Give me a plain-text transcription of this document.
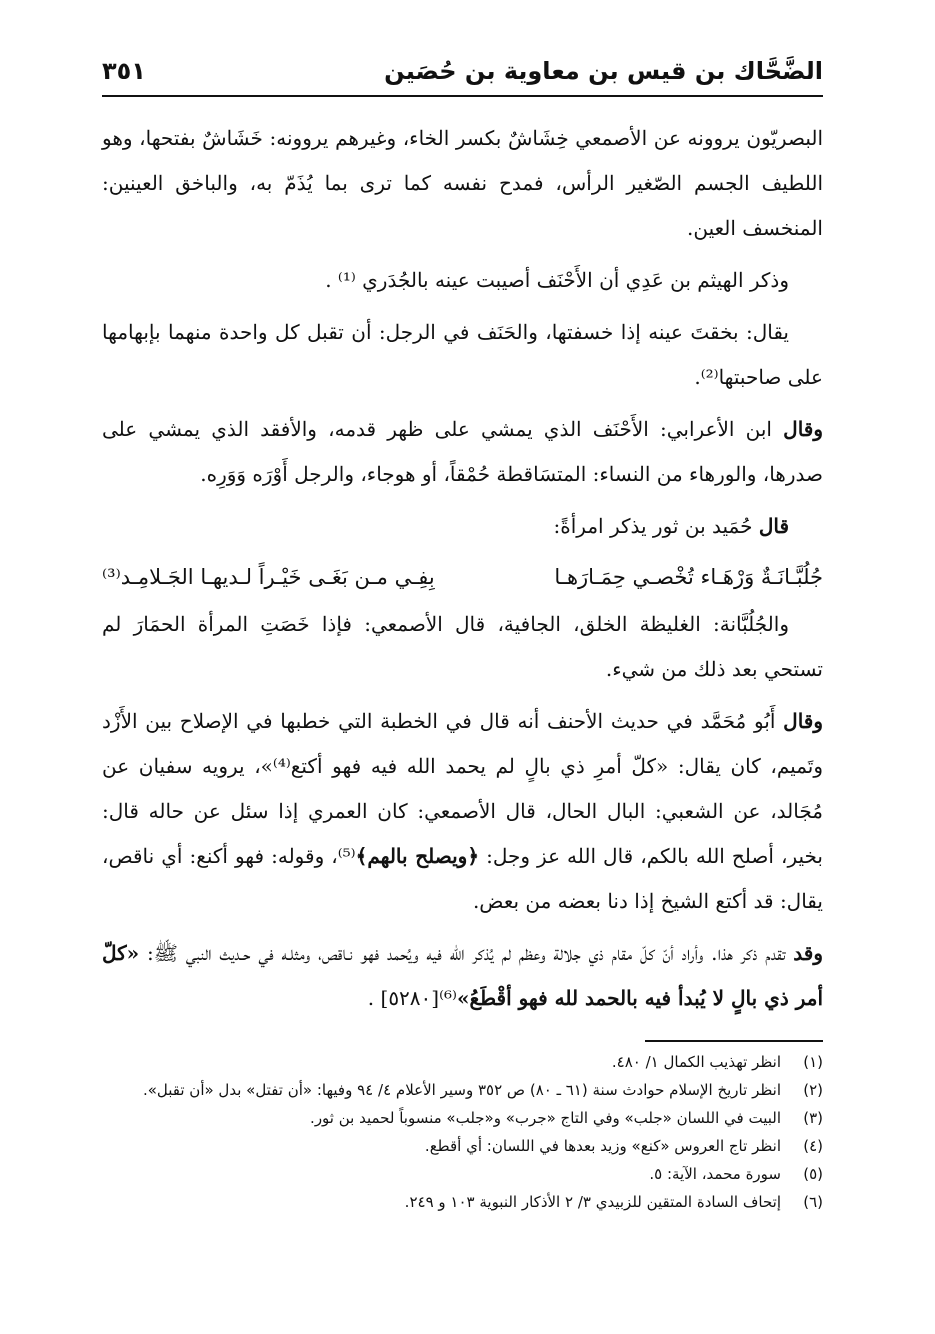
الضَّحَّاك بن قيس بن معاوية بن حُصَين
٣٥١

البصريّون يروونه عن الأصمعي خِشَاشٌ بكسر الخاء، وغيرهم يروونه: خَشَاشٌ بفتحها، وهو اللطيف الجسم الصّغير الرأس، فمدح نفسه كما ترى بما يُذَمّ به، والباخق العينين: المنخسف العين.

وذكر الهيثم بن عَدِي أن الأَحْنَف أصيبت عينه بالجُدَري ⁽¹⁾ .

يقال: بخقتَ عينه إذا خسفتها، والحَنَف في الرجل: أن تقبل كل واحدة منهما بإبهامها على صاحبتها⁽²⁾.

وقال ابن الأعرابي: الأَحْنَف الذي يمشي على ظهر قدمه، والأفقد الذي يمشي على صدرها، والورهاء من النساء: المتسَاقطة حُمْقاً، أو هوجاء، والرجل أَوْرَه وَوَرِه.

قال حُمَيد بن ثور يذكر امرأةً:

جُلُبَّـانَـةٌ وَرْهَـاء تُخْصـي حِمَـارَهـا
بِفِـي مـن بَغَـى خَيْـراً لـديهـا الجَـلامِـد⁽³⁾

والجُلُبَّانة: الغليظة الخلق، الجافية، قال الأصمعي: فإذا خَصَتِ المرأة الحمَارَ لم تستحي بعد ذلك من شيء.

وقال أَبُو مُحَمَّد في حديث الأحنف أنه قال في الخطبة التي خطبها في الإصلاح بين الأَزْد وتَميم، كان يقال: «كلّ أمرِ ذي بالٍ لم يحمد الله فيه فهو أكتع⁽⁴⁾»، يرويه سفيان عن مُجَالد، عن الشعبي: البال الحال، قال الأصمعي: كان العمري إذا سئل عن حاله قال: بخير، أصلح الله بالكم، قال الله عز وجل: ﴿ويصلح بالهم﴾⁽⁵⁾، وقوله: فهو أكنع: أي ناقص، يقال: قد أكتع الشيخ إذا دنا بعضه من بعض.

وقد تقدم ذكر هذا. وأراد أنّ كلّ مقام ذي جلالة وعظم لم يُذكر الله فيه ويُحمد فهو نـاقص، ومثلـه في حـديث النبي ﷺ: «كلّ أمر ذي بالٍ لا يُبدأ فيه بالحمد لله فهو أقْطَعُ»⁽⁶⁾[٥٢٨٠] .

(١)
انظر تهذيب الكمال ١/ ٤٨٠.
(٢)
انظر تاريخ الإسلام حوادث سنة (٦١ ـ ٨٠) ص ٣٥٢ وسير الأعلام ٤/ ٩٤ وفيها: «أن تفتل» بدل «أن تقبل».
(٣)
البيت في اللسان «جلب» وفي التاج «جرب» و«جلب» منسوباً لحميد بن ثور.
(٤)
انظر تاج العروس «كنع» وزيد بعدها في اللسان: أي أقطع.
(٥)
سورة محمد، الآية: ٥.
(٦)
إتحاف السادة المتقين للزبيدي ٣/ ٢ الأذكار النبوية ١٠٣ و ٢٤٩.
